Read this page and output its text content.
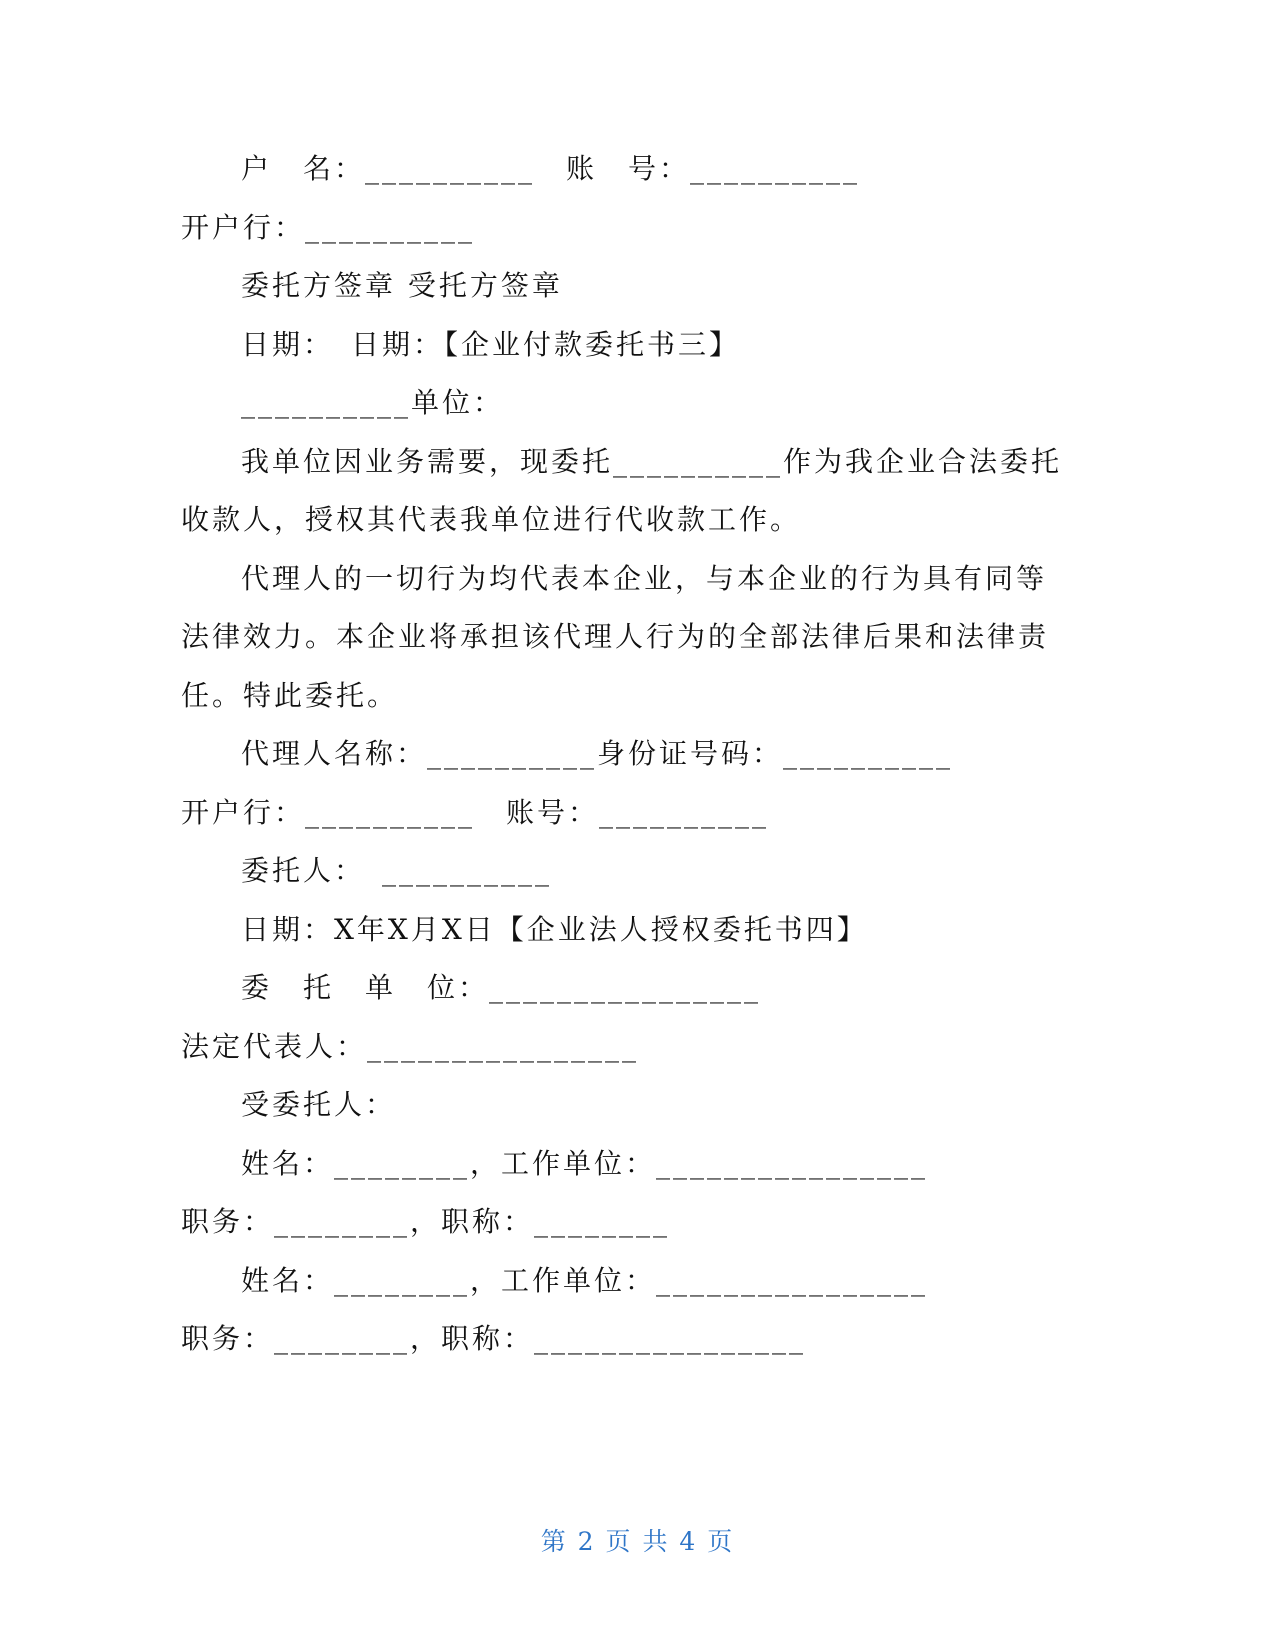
户　名：__________　账　号：__________
开户行：__________
委托方签章 受托方签章
日期：　日期：【企业付款委托书三】
__________单位：
我单位因业务需要，现委托__________作为我企业合法委托
收款人，授权其代表我单位进行代收款工作。
代理人的一切行为均代表本企业，与本企业的行为具有同等
法律效力。本企业将承担该代理人行为的全部法律后果和法律责
任。特此委托。
代理人名称：__________身份证号码：__________
开户行：__________　账号：__________
委托人：　__________
日期：X年X月X日【企业法人授权委托书四】
委　托　单　位：________________
法定代表人：________________
受委托人：
姓名：________，工作单位：________________
职务：________，职称：________
姓名：________，工作单位：________________
职务：________，职称：________________
第 2 页 共 4 页
